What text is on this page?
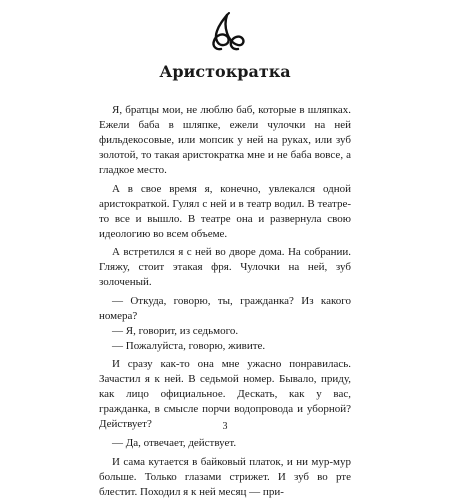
Аристократка

Я, братцы мои, не люблю баб, которые в шляпках. Ежели баба в шляпке, ежели чулочки на ней фильдекосовые, или мопсик у ней на руках, или зуб золотой, то такая аристократка мне и не баба вовсе, а гладкое место.

А в свое время я, конечно, увлекался одной аристократкой. Гулял с ней и в театр водил. В театре-то все и вышло. В театре она и развернула свою идеологию во всем объеме.

А встретился я с ней во дворе дома. На собрании. Гляжу, стоит этакая фря. Чулочки на ней, зуб золоченый.

— Откуда, говорю, ты, гражданка? Из какого номера?

— Я, говорит, из седьмого.

— Пожалуйста, говорю, живите.

И сразу как-то она мне ужасно понравилась. Зачастил я к ней. В седьмой номер. Бывало, приду, как лицо официальное. Дескать, как у вас, гражданка, в смысле порчи водопровода и уборной? Действует?

— Да, отвечает, действует.

И сама кутается в байковый платок, и ни мур-мур больше. Только глазами стрижет. И зуб во рте блестит. Походил я к ней месяц — при-

3
